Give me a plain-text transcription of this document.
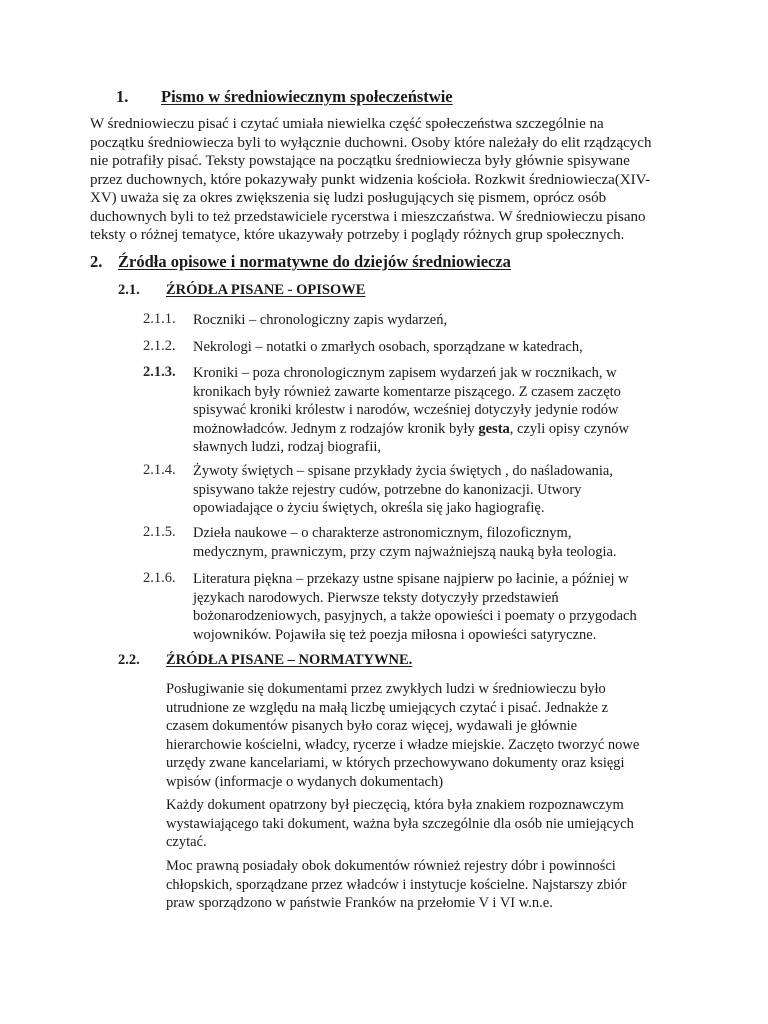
1. Pismo w średniowiecznym społeczeństwie
W średniowieczu pisać i czytać umiała niewielka część społeczeństwa szczególnie na
początku średniowiecza byli to wyłącznie duchowni. Osoby które należały do elit rządzących
nie potrafiły pisać. Teksty powstające na początku średniowiecza były głównie spisywane
przez duchownych, które pokazywały punkt widzenia kościoła. Rozkwit średniowiecza(XIV-
XV) uważa się za okres zwiększenia się ludzi posługujących się pismem, oprócz osób
duchownych byli to też przedstawiciele rycerstwa i mieszczaństwa. W średniowieczu pisano
teksty o różnej tematyce, które ukazywały potrzeby i poglądy różnych grup społecznych.
2. Źródła opisowe i normatywne do dziejów średniowiecza
2.1. ŹRÓDŁA PISANE - OPISOWE
2.1.1. Roczniki – chronologiczny zapis wydarzeń,
2.1.2. Nekrologi – notatki o zmarłych osobach, sporządzane w katedrach,
2.1.3. Kroniki – poza chronologicznym zapisem wydarzeń jak w rocznikach, w
kronikach były również zawarte komentarze piszącego. Z czasem zaczęto
spisywać kroniki królestw i narodów, wcześniej dotyczyły jedynie rodów
możnowładców. Jednym z rodzajów kronik były gesta, czyli opisy czynów
sławnych ludzi, rodzaj biografii,
2.1.4. Żywoty świętych – spisane przykłady życia świętych , do naśladowania,
spisywano także rejestry cudów, potrzebne do kanonizacji. Utwory
opowiadające o życiu świętych, określa się jako hagiografię.
2.1.5. Dzieła naukowe – o charakterze astronomicznym, filozoficznym,
medycznym, prawniczym, przy czym najważniejszą nauką była teologia.
2.1.6. Literatura piękna – przekazy ustne spisane najpierw po łacinie, a później w
językach narodowych. Pierwsze teksty dotyczyły przedstawień
bożonarodzeniowych, pasyjnych, a także opowieści i poematy o przygodach
wojowników. Pojawiła się też poezja miłosna i opowieści satyryczne.
2.2. ŹRÓDŁA PISANE – NORMATYWNE.
Posługiwanie się dokumentami przez zwykłych ludzi w średniowieczu było
utrudnione ze względu na małą liczbę umiejących czytać i pisać. Jednakże z
czasem dokumentów pisanych było coraz więcej, wydawali je głównie
hierarchowie kościelni, władcy, rycerze i władze miejskie. Zaczęto tworzyć nowe
urzędy zwane kancelariami, w których przechowywano dokumenty oraz księgi
wpisów (informacje o wydanych dokumentach)
Każdy dokument opatrzony był pieczęcią, która była znakiem rozpoznawczym
wystawiającego taki dokument, ważna była szczególnie dla osób nie umiejących
czytać.
Moc prawną posiadały obok dokumentów również rejestry dóbr i powinności
chłopskich, sporządzane przez władców i instytucje kościelne. Najstarszy zbiór
praw sporządzono w państwie Franków na przełomie V i VI w.n.e.
